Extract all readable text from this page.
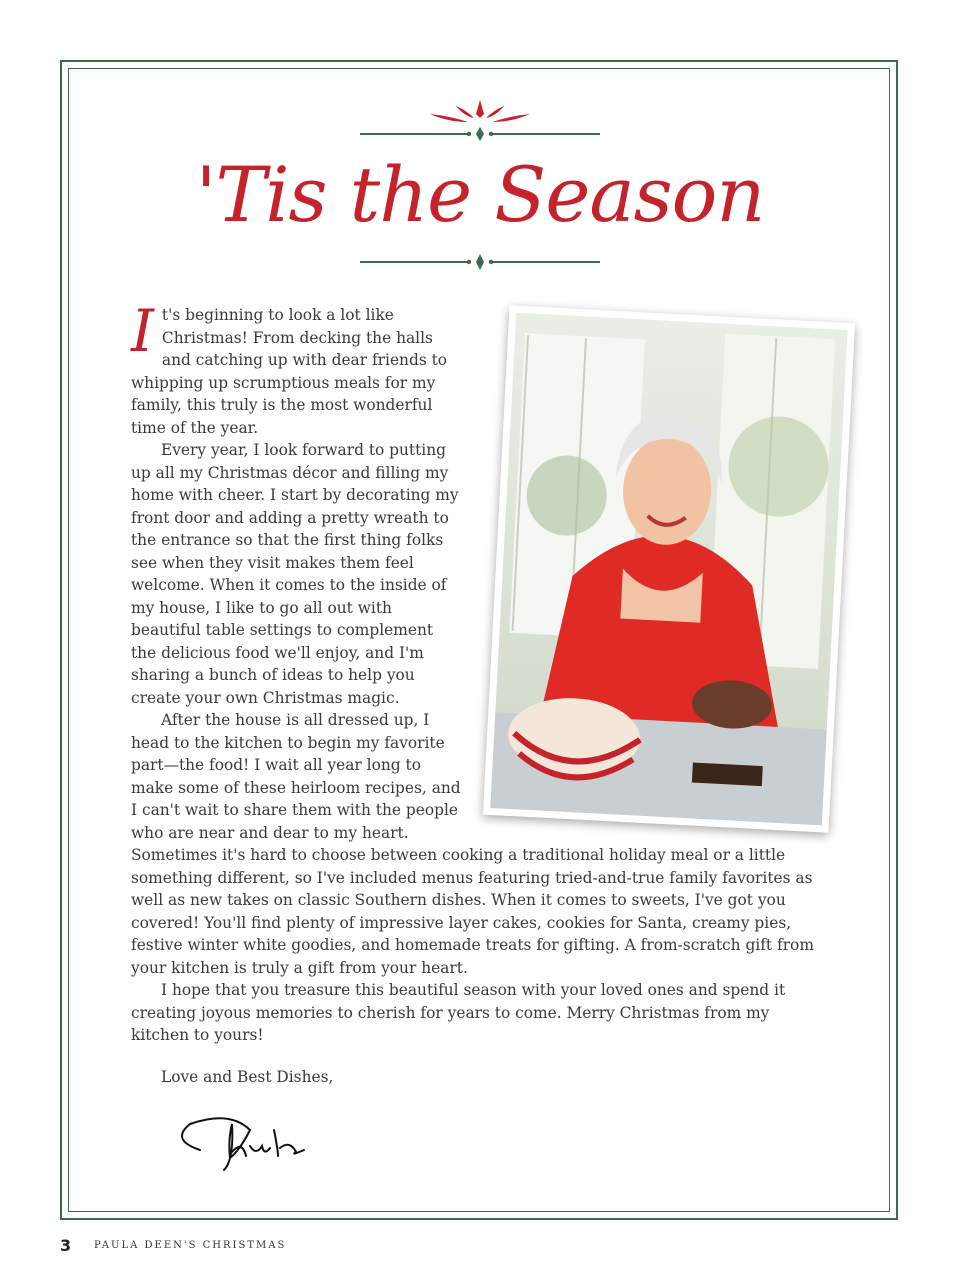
'Tis the Season

It's beginning to look a lot like Christmas! From decking the halls and catching up with dear friends to whipping up scrumptious meals for my family, this truly is the most wonderful time of the year.

Every year, I look forward to putting up all my Christmas décor and filling my home with cheer. I start by decorating my front door and adding a pretty wreath to the entrance so that the first thing folks see when they visit makes them feel welcome. When it comes to the inside of my house, I like to go all out with beautiful table settings to complement the delicious food we'll enjoy, and I'm sharing a bunch of ideas to help you create your own Christmas magic.

After the house is all dressed up, I head to the kitchen to begin my favorite part—the food! I wait all year long to make some of these heirloom recipes, and I can't wait to share them with the people who are near and dear to my heart. Sometimes it's hard to choose between cooking a traditional holiday meal or a little something different, so I've included menus featuring tried-and-true family favorites as well as new takes on classic Southern dishes. When it comes to sweets, I've got you covered! You'll find plenty of impressive layer cakes, cookies for Santa, creamy pies, festive winter white goodies, and homemade treats for gifting. A from-scratch gift from your kitchen is truly a gift from your heart.

I hope that you treasure this beautiful season with your loved ones and spend it creating joyous memories to cherish for years to come. Merry Christmas from my kitchen to yours!

Love and Best Dishes,
3 PAULA DEEN'S CHRISTMAS
